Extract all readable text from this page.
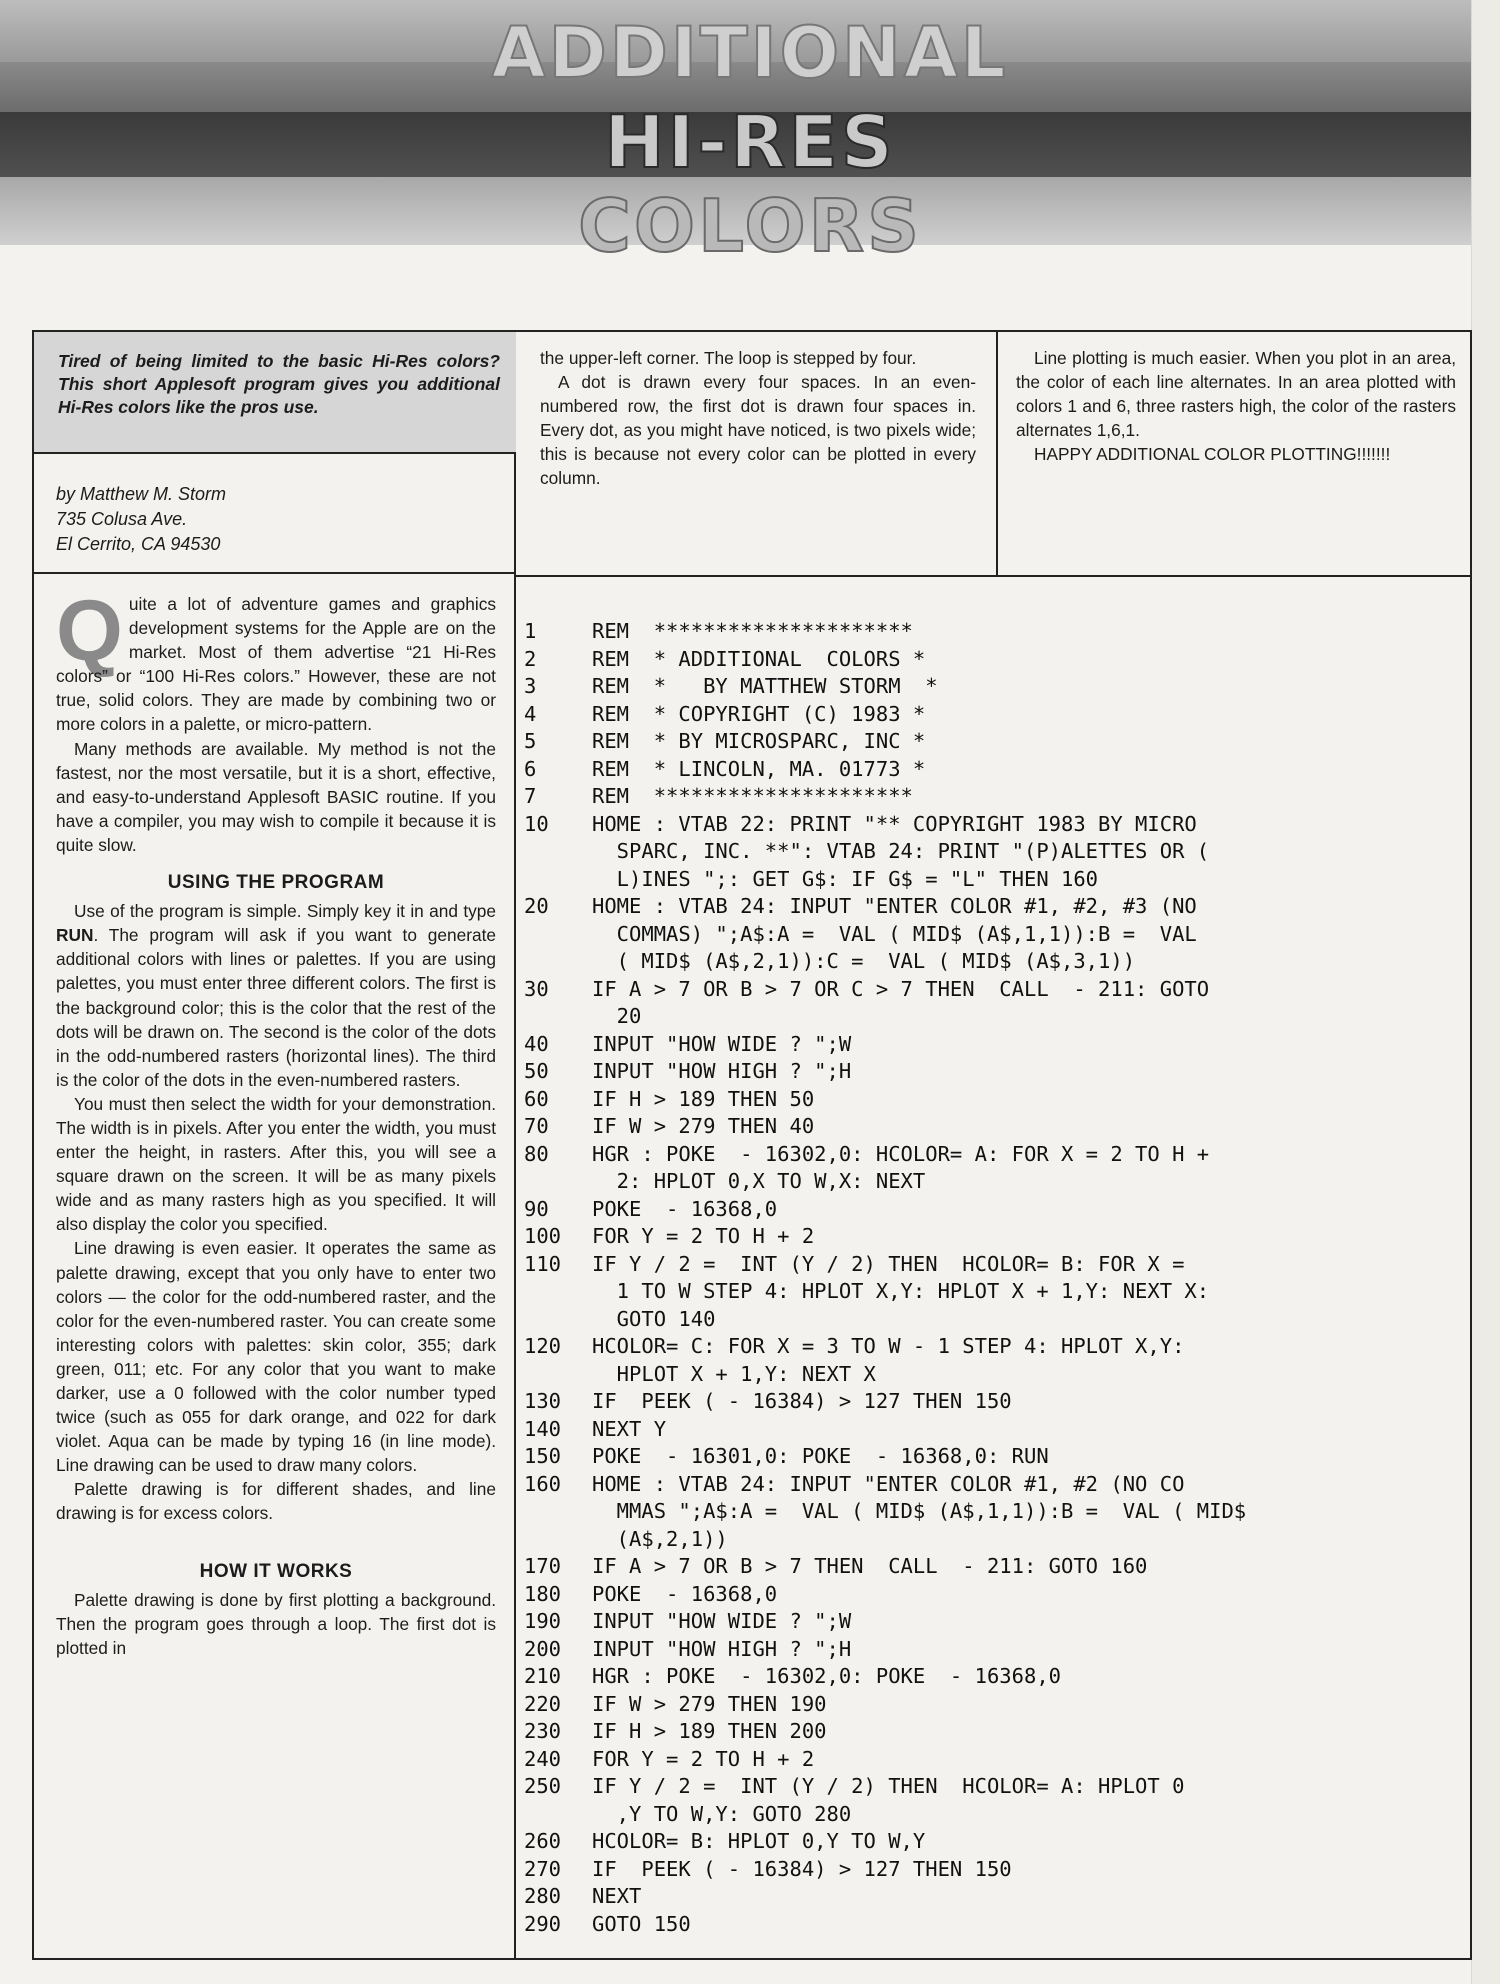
ADDITIONAL
HI-RES
COLORS
Tired of being limited to the basic Hi-Res colors? This short Applesoft program gives you additional Hi-Res colors like the pros use.
by Matthew M. Storm
735 Colusa Ave.
El Cerrito, CA 94530

Quite a lot of adventure games and graphics development systems for the Apple are on the market. Most of them advertise “21 Hi-Res colors” or “100 Hi-Res colors.” However, these are not true, solid colors. They are made by combining two or more colors in a palette, or micro-pattern.

Many methods are available. My method is not the fastest, nor the most versatile, but it is a short, effective, and easy-to-understand Applesoft BASIC routine. If you have a compiler, you may wish to compile it because it is quite slow.

USING THE PROGRAM

Use of the program is simple. Simply key it in and type RUN. The program will ask if you want to generate additional colors with lines or palettes. If you are using palettes, you must enter three different colors. The first is the background color; this is the color that the rest of the dots will be drawn on. The second is the color of the dots in the odd-numbered rasters (horizontal lines). The third is the color of the dots in the even-numbered rasters.

You must then select the width for your demonstration. The width is in pixels. After you enter the width, you must enter the height, in rasters. After this, you will see a square drawn on the screen. It will be as many pixels wide and as many rasters high as you specified. It will also display the color you specified.

Line drawing is even easier. It operates the same as palette drawing, except that you only have to enter two colors — the color for the odd-numbered raster, and the color for the even-numbered raster. You can create some interesting colors with palettes: skin color, 355; dark green, 011; etc. For any color that you want to make darker, use a 0 followed with the color number typed twice (such as 055 for dark orange, and 022 for dark violet. Aqua can be made by typing 16 (in line mode). Line drawing can be used to draw many colors.

Palette drawing is for different shades, and line drawing is for excess colors.

HOW IT WORKS

Palette drawing is done by first plotting a background. Then the program goes through a loop. The first dot is plotted in

the upper-left corner. The loop is stepped by four.

A dot is drawn every four spaces. In an even-numbered row, the first dot is drawn four spaces in. Every dot, as you might have noticed, is two pixels wide; this is because not every color can be plotted in every column.

Line plotting is much easier. When you plot in an area, the color of each line alternates. In an area plotted with colors 1 and 6, three rasters high, the color of the rasters alternates 1,6,1.

HAPPY ADDITIONAL COLOR PLOTTING!!!!!!!

1	REM  *********************
2	REM  * ADDITIONAL  COLORS *
3	REM  *   BY MATTHEW STORM  *
4	REM  * COPYRIGHT (C) 1983 *
5	REM  * BY MICROSPARC, INC *
6	REM  * LINCOLN, MA. 01773 *
7	REM  *********************
10	HOME : VTAB 22: PRINT "** COPYRIGHT 1983 BY MICRO
SPARC, INC. **": VTAB 24: PRINT "(P)ALETTES OR (
L)INES ";: GET G$: IF G$ = "L" THEN 160
20	HOME : VTAB 24: INPUT "ENTER COLOR #1, #2, #3 (NO
COMMAS) ";A$:A =  VAL ( MID$ (A$,1,1)):B =  VAL
( MID$ (A$,2,1)):C =  VAL ( MID$ (A$,3,1))
30	IF A > 7 OR B > 7 OR C > 7 THEN  CALL  - 211: GOTO
20
40	INPUT "HOW WIDE ? ";W
50	INPUT "HOW HIGH ? ";H
60	IF H > 189 THEN 50
70	IF W > 279 THEN 40
80	HGR : POKE  - 16302,0: HCOLOR= A: FOR X = 2 TO H +
2: HPLOT 0,X TO W,X: NEXT
90	POKE  - 16368,0
100	FOR Y = 2 TO H + 2
110	IF Y / 2 =  INT (Y / 2) THEN  HCOLOR= B: FOR X =
1 TO W STEP 4: HPLOT X,Y: HPLOT X + 1,Y: NEXT X:
GOTO 140
120	HCOLOR= C: FOR X = 3 TO W - 1 STEP 4: HPLOT X,Y:
HPLOT X + 1,Y: NEXT X
130	IF  PEEK ( - 16384) > 127 THEN 150
140	NEXT Y
150	POKE  - 16301,0: POKE  - 16368,0: RUN
160	HOME : VTAB 24: INPUT "ENTER COLOR #1, #2 (NO CO
MMAS ";A$:A =  VAL ( MID$ (A$,1,1)):B =  VAL ( MID$
(A$,2,1))
170	IF A > 7 OR B > 7 THEN  CALL  - 211: GOTO 160
180	POKE  - 16368,0
190	INPUT "HOW WIDE ? ";W
200	INPUT "HOW HIGH ? ";H
210	HGR : POKE  - 16302,0: POKE  - 16368,0
220	IF W > 279 THEN 190
230	IF H > 189 THEN 200
240	FOR Y = 2 TO H + 2
250	IF Y / 2 =  INT (Y / 2) THEN  HCOLOR= A: HPLOT 0
,Y TO W,Y: GOTO 280
260	HCOLOR= B: HPLOT 0,Y TO W,Y
270	IF  PEEK ( - 16384) > 127 THEN 150
280	NEXT
290	GOTO 150
